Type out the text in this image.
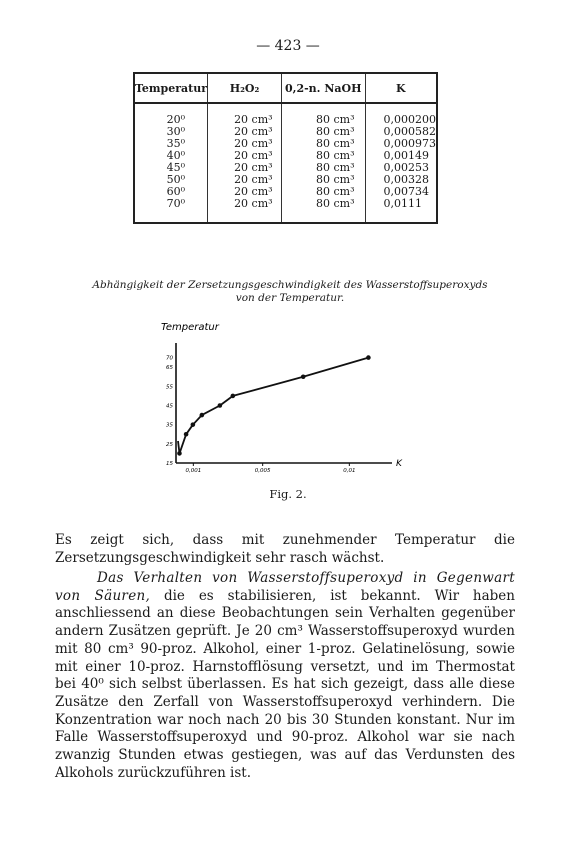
— 423 —
Temperatur	H₂O₂	0,2-n. NaOH	K

20⁰	20 cm³	80 cm³	0,000200
30⁰	20 cm³	80 cm³	0,000582
35⁰	20 cm³	80 cm³	0,000973
40⁰	20 cm³	80 cm³	0,00149
45⁰	20 cm³	80 cm³	0,00253
50⁰	20 cm³	80 cm³	0,00328
60⁰	20 cm³	80 cm³	0,00734
70⁰	20 cm³	80 cm³	0,0111

Abhängigkeit der Zersetzungsgeschwindigkeit des Wasserstoffsuperoxyds
von der Temperatur.
K
Temperatur
70
65
55
45
35
25
15
0,001	0,005	0,01
Fig. 2.

Es zeigt sich, dass mit zunehmender Temperatur die Zersetzungsgeschwindigkeit sehr rasch wächst.

Das Verhalten von Wasserstoffsuperoxyd in Gegenwart von Säuren, die es stabilisieren, ist bekannt. Wir haben anschliessend an diese Beobachtungen sein Verhalten gegenüber andern Zusätzen geprüft. Je 20 cm³ Wasserstoffsuperoxyd wurden mit 80 cm³ 90-proz. Alkohol, einer 1-proz. Gelatinelösung, sowie mit einer 10-proz. Harnstofflösung versetzt, und im Thermostat bei 40⁰ sich selbst überlassen. Es hat sich gezeigt, dass alle diese Zusätze den Zerfall von Wasserstoffsuperoxyd verhindern. Die Konzentration war noch nach 20 bis 30 Stunden konstant. Nur im Falle Wasserstoffsuperoxyd und 90-proz. Alkohol war sie nach zwanzig Stunden etwas gestiegen, was auf das Verdunsten des Alkohols zurückzuführen ist.
